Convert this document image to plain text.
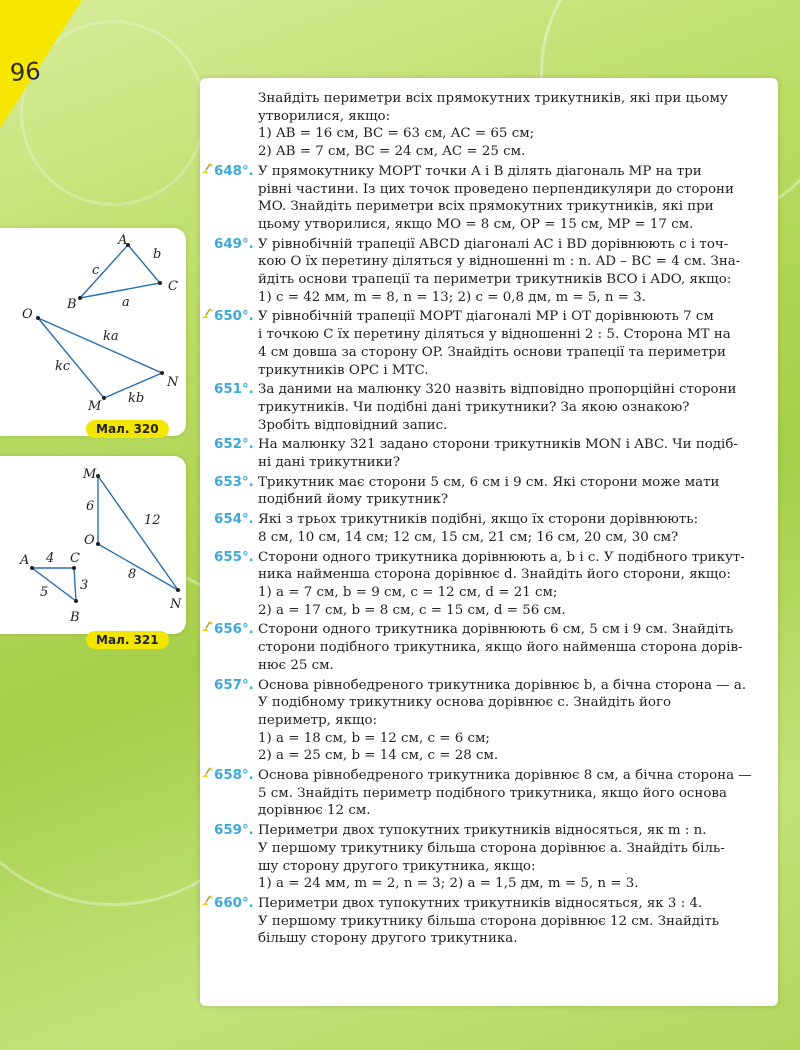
96
A
B
C
c
b
a
O
N
M
ka
kc
kb
Мал. 320
M
O
N
6
12
8
A	C
B
4
5 3
Мал. 321
Знайдіть периметри всіх прямокутних трикутників, які при цьому
утворилися, якщо:
1) AB = 16 см, BC = 63 см, AC = 65 см;
2) AB = 7 см, BC = 24 см, AC = 25 см.
648°. У прямокутнику MOPT точки A і B ділять діагональ MP на три
рівні частини. Із цих точок проведено перпендикуляри до сторони
MO. Знайдіть периметри всіх прямокутних трикутників, які при
цьому утворилися, якщо MO = 8 см, OP = 15 см, MP = 17 см.
649°. У рівнобічній трапеції ABCD діагоналі AC і BD дорівнюють c і точ-
кою O їх перетину діляться у відношенні m : n. AD – BC = 4 см. Зна-
йдіть основи трапеції та периметри трикутників BCO і ADO, якщо:
1) c = 42 мм, m = 8, n = 13; 2) c = 0,8 дм, m = 5, n = 3.
650°. У рівнобічній трапеції MOPT діагоналі MP і OT дорівнюють 7 см
і точкою C їх перетину діляться у відношенні 2 : 5. Сторона MT на
4 см довша за сторону OP. Знайдіть основи трапеції та периметри
трикутників OPC і MTC.
651°. За даними на малюнку 320 назвіть відповідно пропорційні сторони
трикутників. Чи подібні дані трикутники? За якою ознакою?
Зробіть відповідний запис.
652°. На малюнку 321 задано сторони трикутників MON і ABC. Чи подіб-
ні дані трикутники?
653°. Трикутник має сторони 5 см, 6 см і 9 см. Які сторони може мати
подібний йому трикутник?
654°. Які з трьох трикутників подібні, якщо їх сторони дорівнюють:
8 см, 10 см, 14 см; 12 см, 15 см, 21 см; 16 см, 20 см, 30 см?
655°. Сторони одного трикутника дорівнюють a, b і c. У подібного трикут-
ника найменша сторона дорівнює d. Знайдіть його сторони, якщо:
1) a = 7 см, b = 9 см, c = 12 см, d = 21 см;
2) a = 17 см, b = 8 см, c = 15 см, d = 56 см.
656°. Сторони одного трикутника дорівнюють 6 см, 5 см і 9 см. Знайдіть
сторони подібного трикутника, якщо його найменша сторона дорів-
нює 25 см.
657°. Основа рівнобедреного трикутника дорівнює b, а бічна сторона — a.
У подібному трикутнику основа дорівнює c. Знайдіть його
периметр, якщо:
1) a = 18 см, b = 12 см, c = 6 см;
2) a = 25 см, b = 14 см, c = 28 см.
658°. Основа рівнобедреного трикутника дорівнює 8 см, а бічна сторона —
5 см. Знайдіть периметр подібного трикутника, якщо його основа
дорівнює 12 см.
659°. Периметри двох тупокутних трикутників відносяться, як m : n.
У першому трикутнику більша сторона дорівнює a. Знайдіть біль-
шу сторону другого трикутника, якщо:
1) a = 24 мм, m = 2, n = 3; 2) a = 1,5 дм, m = 5, n = 3.
660°. Периметри двох тупокутних трикутників відносяться, як 3 : 4.
У першому трикутнику більша сторона дорівнює 12 см. Знайдіть
більшу сторону другого трикутника.
